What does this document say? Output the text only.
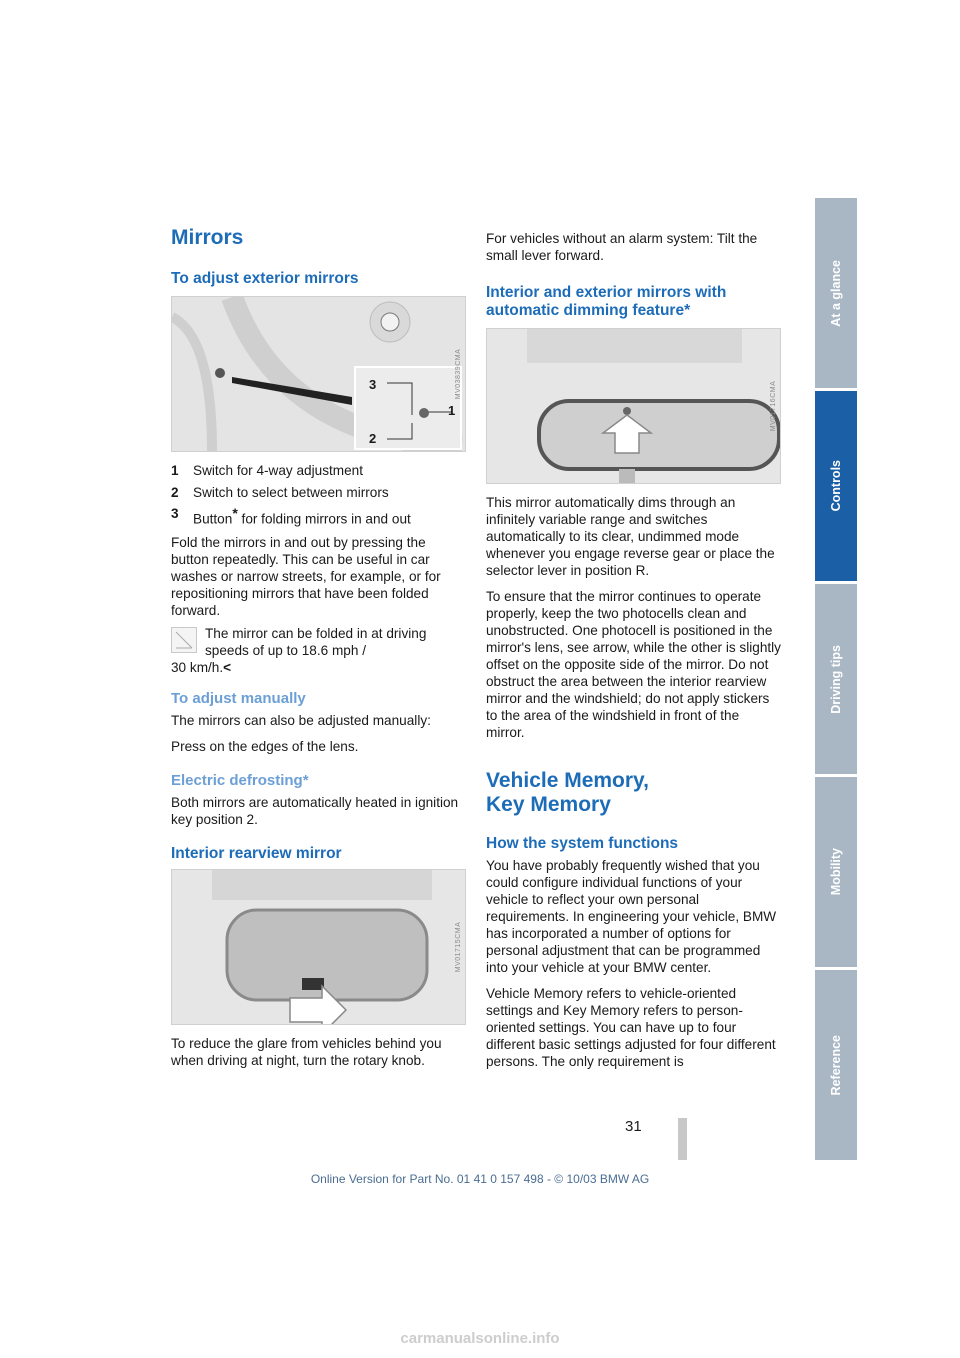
Mirrors
To adjust exterior mirrors
3
1
2
MV03839CMA
1	Switch for 4-way adjustment
2	Switch to select between mirrors
3	Button* for folding mirrors in and out

Fold the mirrors in and out by pressing the button repeatedly. This can be useful in car washes or narrow streets, for example, or for repositioning mirrors that have been folded forward.

The mirror can be folded in at driving speeds of up to 18.6 mph /

30 km/h.<

To adjust manually

The mirrors can also be adjusted manually:

Press on the edges of the lens.

Electric defrosting*

Both mirrors are automatically heated in ignition key position 2.

Interior rearview mirror
MV01715CMA

To reduce the glare from vehicles behind you when driving at night, turn the rotary knob.

For vehicles without an alarm system: Tilt the small lever forward.

Interior and exterior mirrors with automatic dimming feature*
MV01716CMA

This mirror automatically dims through an infinitely variable range and switches automatically to its clear, undimmed mode whenever you engage reverse gear or place the selector lever in position R.

To ensure that the mirror continues to operate properly, keep the two photocells clean and unobstructed. One photocell is positioned in the mirror's lens, see arrow, while the other is slightly offset on the opposite side of the mirror. Do not obstruct the area between the interior rearview mirror and the windshield; do not apply stickers to the area of the windshield in front of the mirror.

Vehicle Memory,
Key Memory
How the system functions

You have probably frequently wished that you could configure individual functions of your vehicle to reflect your own personal requirements. In engineering your vehicle, BMW has incorporated a number of options for personal adjustment that can be programmed into your vehicle at your BMW center.

Vehicle Memory refers to vehicle-oriented settings and Key Memory refers to person-oriented settings. You can have up to four different basic settings adjusted for four different persons. The only requirement is

At a glance
Controls
Driving tips
Mobility
Reference
31
Online Version for Part No. 01 41 0 157 498 - © 10/03 BMW AG
carmanualsonline.info
